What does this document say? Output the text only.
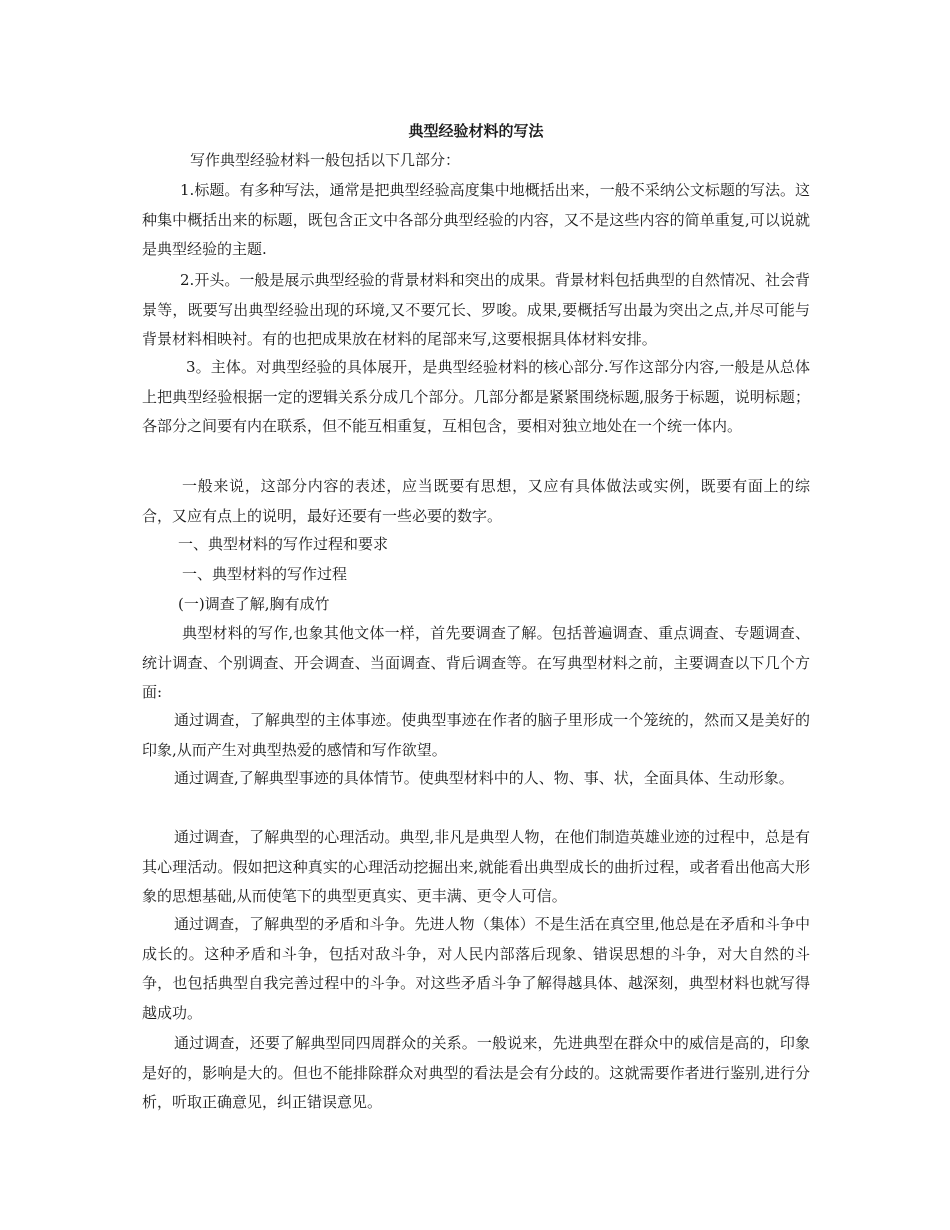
典型经验材料的写法

写作典型经验材料一般包括以下几部分：

1.标题。有多种写法，通常是把典型经验高度集中地概括出来，一般不采纳公文标题的写法。这种集中概括出来的标题，既包含正文中各部分典型经验的内容，又不是这些内容的简单重复,可以说就是典型经验的主题.

2.开头。一般是展示典型经验的背景材料和突出的成果。背景材料包括典型的自然情况、社会背景等，既要写出典型经验出现的环境,又不要冗长、罗唆。成果,要概括写出最为突出之点,并尽可能与背景材料相映衬。有的也把成果放在材料的尾部来写,这要根据具体材料安排。

3。主体。对典型经验的具体展开，是典型经验材料的核心部分.写作这部分内容,一般是从总体上把典型经验根据一定的逻辑关系分成几个部分。几部分都是紧紧围绕标题,服务于标题，说明标题；各部分之间要有内在联系，但不能互相重复，互相包含，要相对独立地处在一个统一体内。

一般来说，这部分内容的表述，应当既要有思想，又应有具体做法或实例，既要有面上的综合，又应有点上的说明，最好还要有一些必要的数字。

一、典型材料的写作过程和要求

一、典型材料的写作过程

(一)调查了解,胸有成竹

典型材料的写作,也象其他文体一样，首先要调查了解。包括普遍调查、重点调查、专题调查、统计调查、个别调查、开会调查、当面调查、背后调查等。在写典型材料之前，主要调查以下几个方面:

通过调查，了解典型的主体事迹。使典型事迹在作者的脑子里形成一个笼统的，然而又是美好的印象,从而产生对典型热爱的感情和写作欲望。

通过调查,了解典型事迹的具体情节。使典型材料中的人、物、事、状，全面具体、生动形象。

通过调查，了解典型的心理活动。典型,非凡是典型人物，在他们制造英雄业迹的过程中，总是有其心理活动。假如把这种真实的心理活动挖掘出来,就能看出典型成长的曲折过程，或者看出他高大形象的思想基础,从而使笔下的典型更真实、更丰满、更令人可信。

通过调查，了解典型的矛盾和斗争。先进人物（集体）不是生活在真空里,他总是在矛盾和斗争中成长的。这种矛盾和斗争，包括对敌斗争，对人民内部落后现象、错误思想的斗争，对大自然的斗争，也包括典型自我完善过程中的斗争。对这些矛盾斗争了解得越具体、越深刻，典型材料也就写得越成功。

通过调查，还要了解典型同四周群众的关系。一般说来，先进典型在群众中的威信是高的，印象是好的，影响是大的。但也不能排除群众对典型的看法是会有分歧的。这就需要作者进行鉴别,进行分析，听取正确意见，纠正错误意见。
